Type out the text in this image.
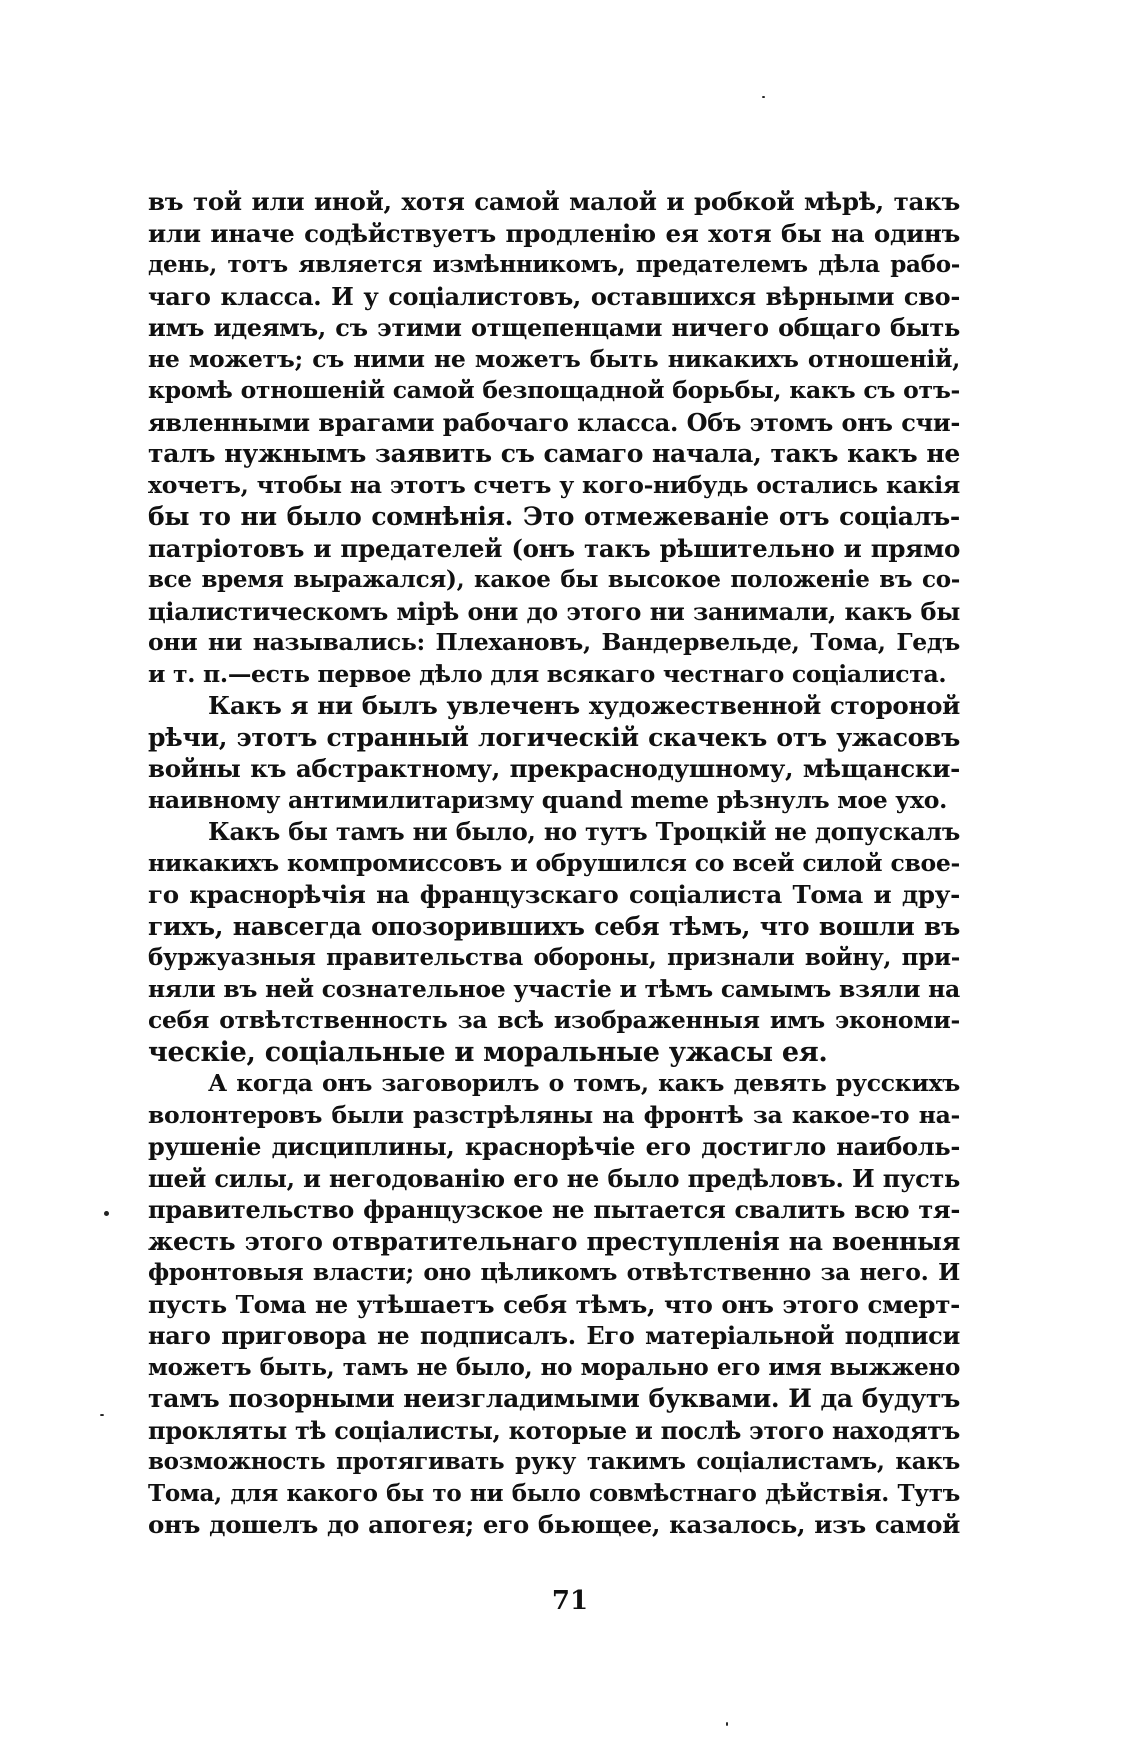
въ той или иной, хотя самой малой и робкой мѣрѣ, такъ
или иначе содѣйствуетъ продленію ея хотя бы на одинъ
день, тотъ является измѣнникомъ, предателемъ дѣла рабо-
чаго класса. И у соціалистовъ, оставшихся вѣрными сво-
имъ идеямъ, съ этими отщепенцами ничего общаго быть
не можетъ; съ ними не можетъ быть никакихъ отношеній,
кромѣ отношеній самой безпощадной борьбы, какъ съ отъ-
явленными врагами рабочаго класса. Объ этомъ онъ счи-
талъ нужнымъ заявить съ самаго начала, такъ какъ не
хочетъ, чтобы на этотъ счетъ у кого-нибудь остались какія
бы то ни было сомнѣнія. Это отмежеваніе отъ соціалъ-
патріотовъ и предателей (онъ такъ рѣшительно и прямо
все время выражался), какое бы высокое положеніе въ со-
ціалистическомъ мірѣ они до этого ни занимали, какъ бы
они ни назывались: Плехановъ, Вандервельде, Тома, Гедъ
и т. п.—есть первое дѣло для всякаго честнаго соціалиста.
Какъ я ни былъ увлеченъ художественной стороной
рѣчи, этотъ странный логическій скачекъ отъ ужасовъ
войны къ абстрактному, прекраснодушному, мѣщански-
наивному антимилитаризму quand meme рѣзнулъ мое ухо.
Какъ бы тамъ ни было, но тутъ Троцкій не допускалъ
никакихъ компромиссовъ и обрушился со всей силой свое-
го краснорѣчія на французскаго соціалиста Тома и дру-
гихъ, навсегда опозорившихъ себя тѣмъ, что вошли въ
буржуазныя правительства обороны, признали войну, при-
няли въ ней сознательное участіе и тѣмъ самымъ взяли на
себя отвѣтственность за всѣ изображенныя имъ экономи-
ческіе, соціальные и моральные ужасы ея.
А когда онъ заговорилъ о томъ, какъ девять русскихъ
волонтеровъ были разстрѣляны на фронтѣ за какое-то на-
рушеніе дисциплины, краснорѣчіе его достигло наиболь-
шей силы, и негодованію его не было предѣловъ. И пусть
правительство французское не пытается свалить всю тя-
жесть этого отвратительнаго преступленія на военныя
фронтовыя власти; оно цѣликомъ отвѣтственно за него. И
пусть Тома не утѣшаетъ себя тѣмъ, что онъ этого смерт-
наго приговора не подписалъ. Его матеріальной подписи
можетъ быть, тамъ не было, но морально его имя выжжено
тамъ позорными неизгладимыми буквами. И да будутъ
прокляты тѣ соціалисты, которые и послѣ этого находятъ
возможность протягивать руку такимъ соціалистамъ, какъ
Тома, для какого бы то ни было совмѣстнаго дѣйствія. Тутъ
онъ дошелъ до апогея; его бьющее, казалось, изъ самой
71
